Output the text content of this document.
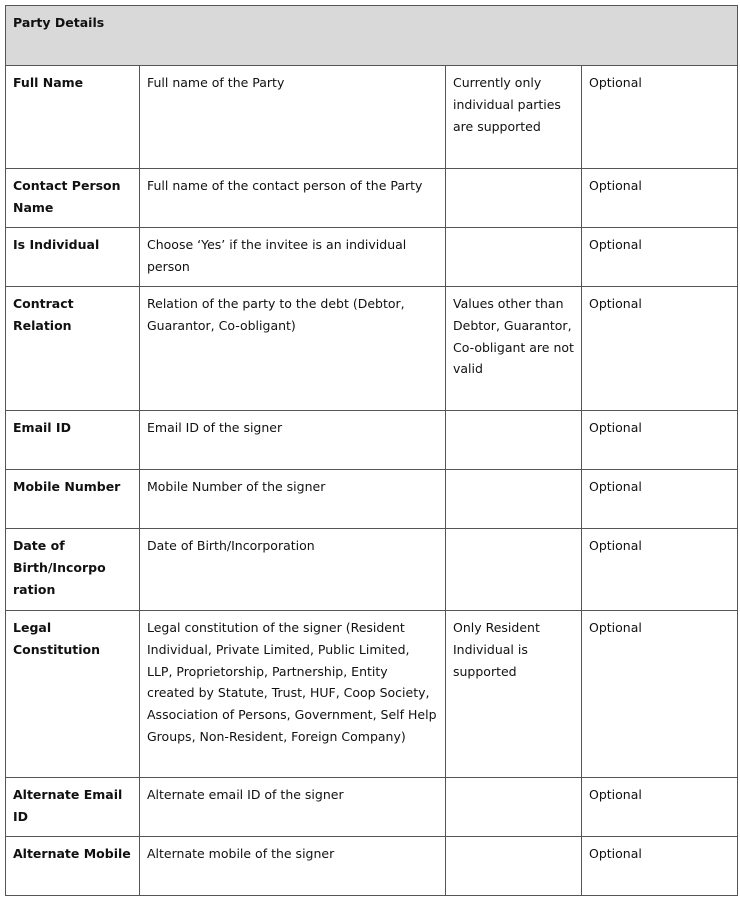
Party Details			
Full Name	Full name of the Party	Currently only individual parties are supported	Optional
Contact Person Name	Full name of the contact person of the Party		Optional
Is Individual	Choose ‘Yes’ if the invitee is an individual person		Optional
Contract Relation	Relation of the party to the debt (Debtor, Guarantor, Co-obligant)	Values other than Debtor, Guarantor, Co-obligant are not valid	Optional
Email ID	Email ID of the signer		Optional
Mobile Number	Mobile Number of the signer		Optional
Date of Birth/Incorpo ration	Date of Birth/Incorporation		Optional
Legal Constitution	Legal constitution of the signer (Resident Individual, Private Limited, Public Limited, LLP, Proprietorship, Partnership, Entity created by Statute, Trust, HUF, Coop Society, Association of Persons, Government, Self Help Groups, Non-Resident, Foreign Company)	Only Resident Individual is supported	Optional
Alternate Email ID	Alternate email ID of the signer		Optional
Alternate Mobile	Alternate mobile of the signer		Optional
